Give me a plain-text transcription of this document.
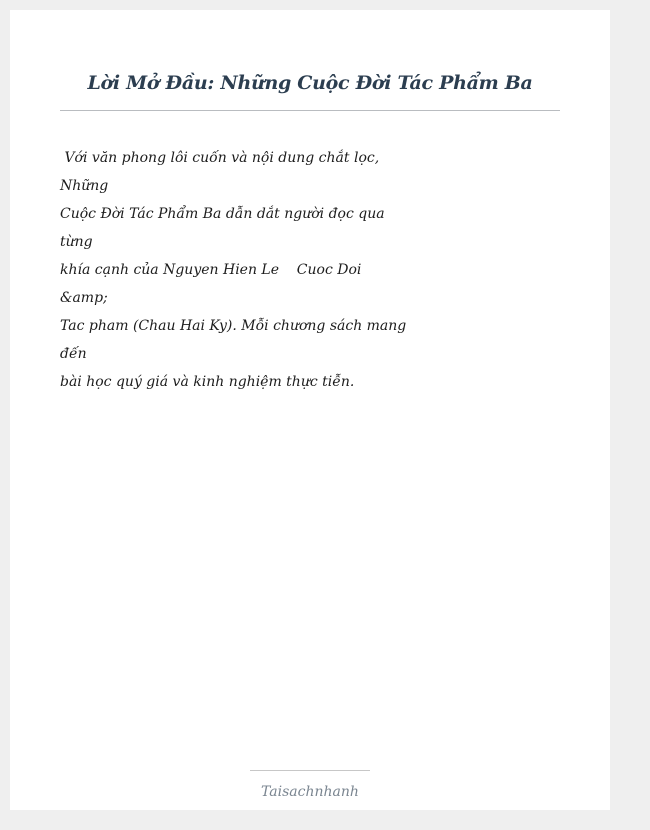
Lời Mở Đầu: Những Cuộc Đời Tác Phẩm Ba
Với văn phong lôi cuốn và nội dung chắt lọc,
Những
Cuộc Đời Tác Phẩm Ba dẫn dắt người đọc qua
từng
khía cạnh của Nguyen Hien Le    Cuoc Doi
&amp;
Tac pham (Chau Hai Ky). Mỗi chương sách mang
đến
bài học quý giá và kinh nghiệm thực tiễn.
Taisachnhanh
